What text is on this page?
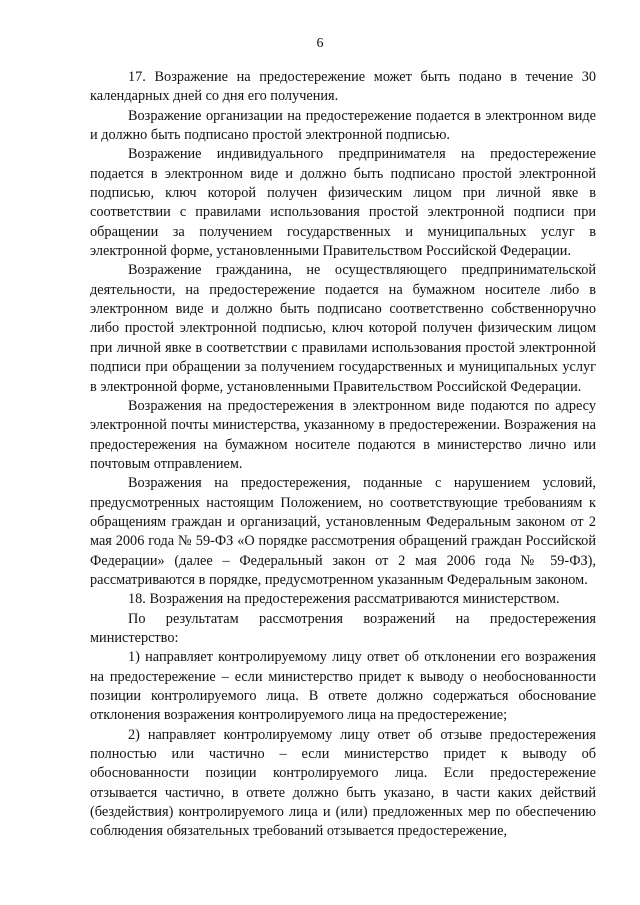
6

17. Возражение на предостережение может быть подано в течение 30 календарных дней со дня его получения.

Возражение организации на предостережение подается в электронном виде и должно быть подписано простой электронной подписью.

Возражение индивидуального предпринимателя на предостережение подается в электронном виде и должно быть подписано простой электронной подписью, ключ которой получен физическим лицом при личной явке в соответствии с правилами использования простой электронной подписи при обращении за получением государственных и муниципальных услуг в электронной форме, установленными Правительством Российской Федерации.

Возражение гражданина, не осуществляющего предпринимательской деятельности, на предостережение подается на бумажном носителе либо в электронном виде и должно быть подписано соответственно собственноручно либо простой электронной подписью, ключ которой получен физическим лицом при личной явке в соответствии с правилами использования простой электронной подписи при обращении за получением государственных и муниципальных услуг в электронной форме, установленными Правительством Российской Федерации.

Возражения на предостережения в электронном виде подаются по адресу электронной почты министерства, указанному в предостережении. Возражения на предостережения на бумажном носителе подаются в министерство лично или почтовым отправлением.

Возражения на предостережения, поданные с нарушением условий, предусмотренных настоящим Положением, но соответствующие требованиям к обращениям граждан и организаций, установленным Федеральным законом от 2 мая 2006 года № 59-ФЗ «О порядке рассмотрения обращений граждан Российской Федерации» (далее – Федеральный закон от 2 мая 2006 года № 59-ФЗ), рассматриваются в порядке, предусмотренном указанным Федеральным законом.

18. Возражения на предостережения рассматриваются министерством.

По результатам рассмотрения возражений на предостережения министерство:

1) направляет контролируемому лицу ответ об отклонении его возражения на предостережение – если министерство придет к выводу о необоснованности позиции контролируемого лица. В ответе должно содержаться обоснование отклонения возражения контролируемого лица на предостережение;

2) направляет контролируемому лицу ответ об отзыве предостережения полностью или частично – если министерство придет к выводу об обоснованности позиции контролируемого лица. Если предостережение отзывается частично, в ответе должно быть указано, в части каких действий (бездействия) контролируемого лица и (или) предложенных мер по обеспечению соблюдения обязательных требований отзывается предостережение,
